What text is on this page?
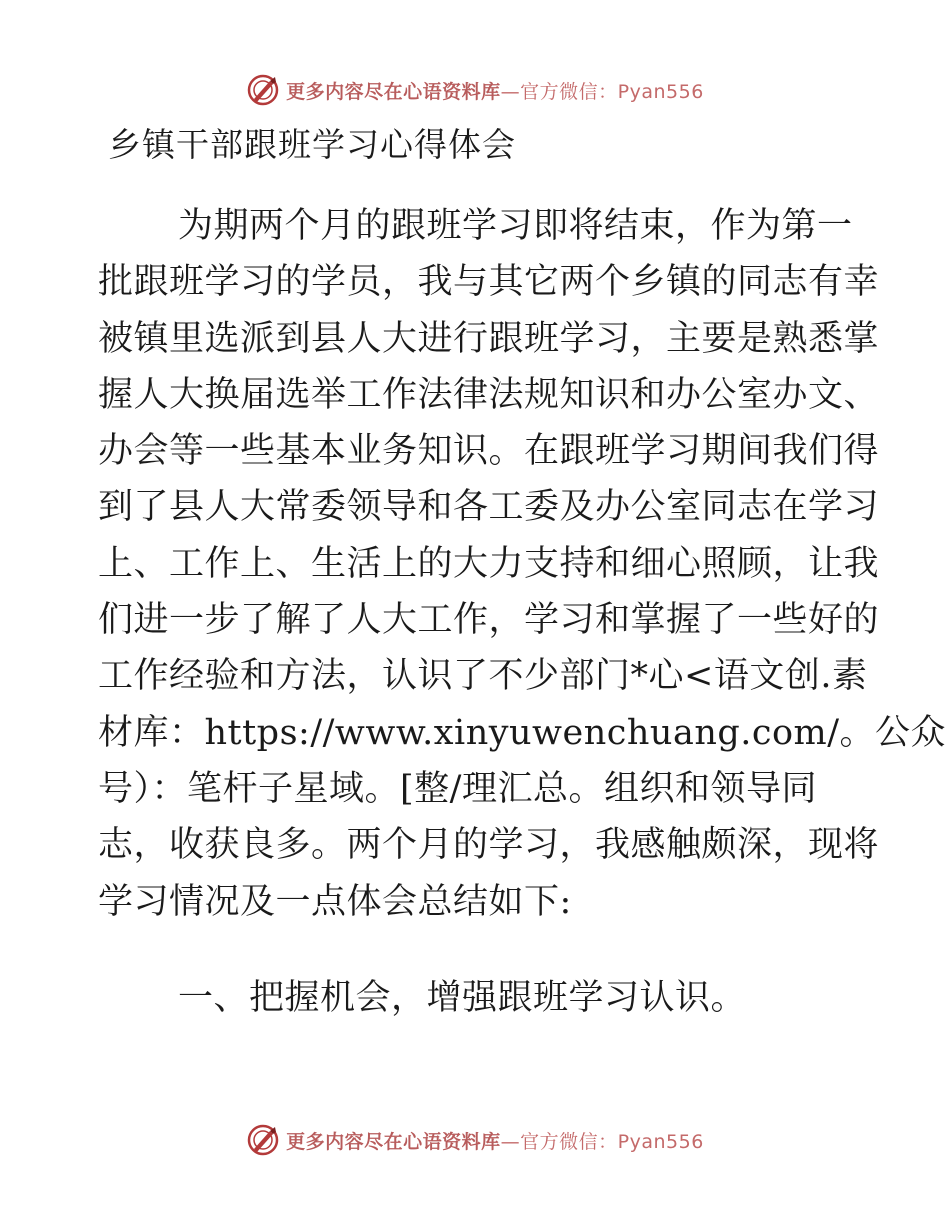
更多内容尽在心语资料库—官方微信：Pyan556
乡镇干部跟班学习心得体会
为期两个月的跟班学习即将结束，作为第一
批跟班学习的学员，我与其它两个乡镇的同志有幸
被镇里选派到县人大进行跟班学习，主要是熟悉掌
握人大换届选举工作法律法规知识和办公室办文、
办会等一些基本业务知识。在跟班学习期间我们得
到了县人大常委领导和各工委及办公室同志在学习
上、工作上、生活上的大力支持和细心照顾，让我
们进一步了解了人大工作，学习和掌握了一些好的
工作经验和方法，认识了不少部门*心<语文创.素
材库：https://www.xinyuwenchuang.com/。公众
号）：笔杆子星域。[整/理汇总。组织和领导同
志，收获良多。两个月的学习，我感触颇深，现将
学习情况及一点体会总结如下:
一、把握机会，增强跟班学习认识。
更多内容尽在心语资料库—官方微信：Pyan556
